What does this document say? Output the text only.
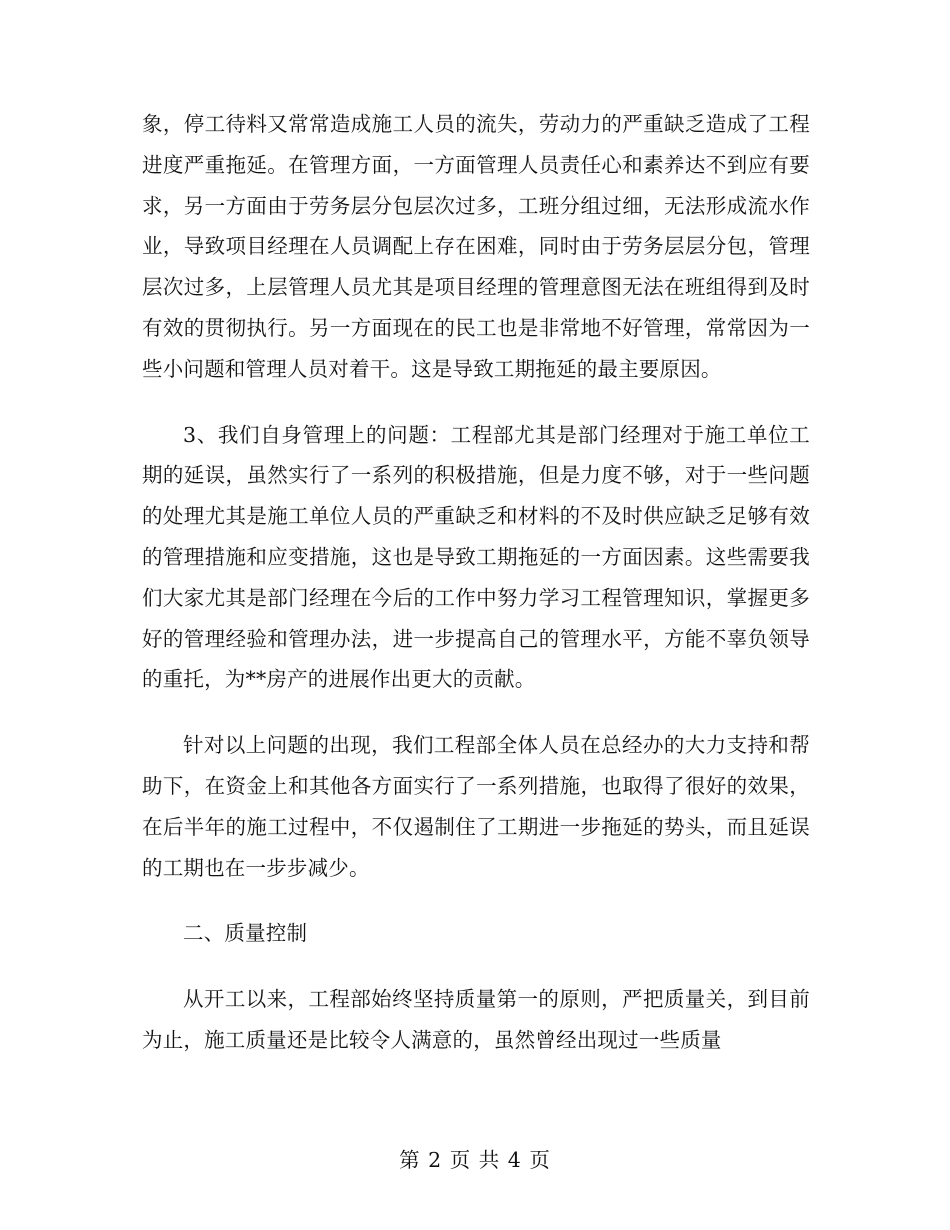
象，停工待料又常常造成施工人员的流失，劳动力的严重缺乏造成了工程进度严重拖延。在管理方面，一方面管理人员责任心和素养达不到应有要求，另一方面由于劳务层分包层次过多，工班分组过细，无法形成流水作业，导致项目经理在人员调配上存在困难，同时由于劳务层层分包，管理层次过多，上层管理人员尤其是项目经理的管理意图无法在班组得到及时有效的贯彻执行。另一方面现在的民工也是非常地不好管理，常常因为一些小问题和管理人员对着干。这是导致工期拖延的最主要原因。

3、我们自身管理上的问题：工程部尤其是部门经理对于施工单位工期的延误，虽然实行了一系列的积极措施，但是力度不够，对于一些问题的处理尤其是施工单位人员的严重缺乏和材料的不及时供应缺乏足够有效的管理措施和应变措施，这也是导致工期拖延的一方面因素。这些需要我们大家尤其是部门经理在今后的工作中努力学习工程管理知识，掌握更多好的管理经验和管理办法，进一步提高自己的管理水平，方能不辜负领导的重托，为**房产的进展作出更大的贡献。

针对以上问题的出现，我们工程部全体人员在总经办的大力支持和帮助下，在资金上和其他各方面实行了一系列措施，也取得了很好的效果，在后半年的施工过程中，不仅遏制住了工期进一步拖延的势头，而且延误的工期也在一步步减少。

二、质量控制

从开工以来，工程部始终坚持质量第一的原则，严把质量关，到目前为止，施工质量还是比较令人满意的，虽然曾经出现过一些质量

第 2 页 共 4 页
